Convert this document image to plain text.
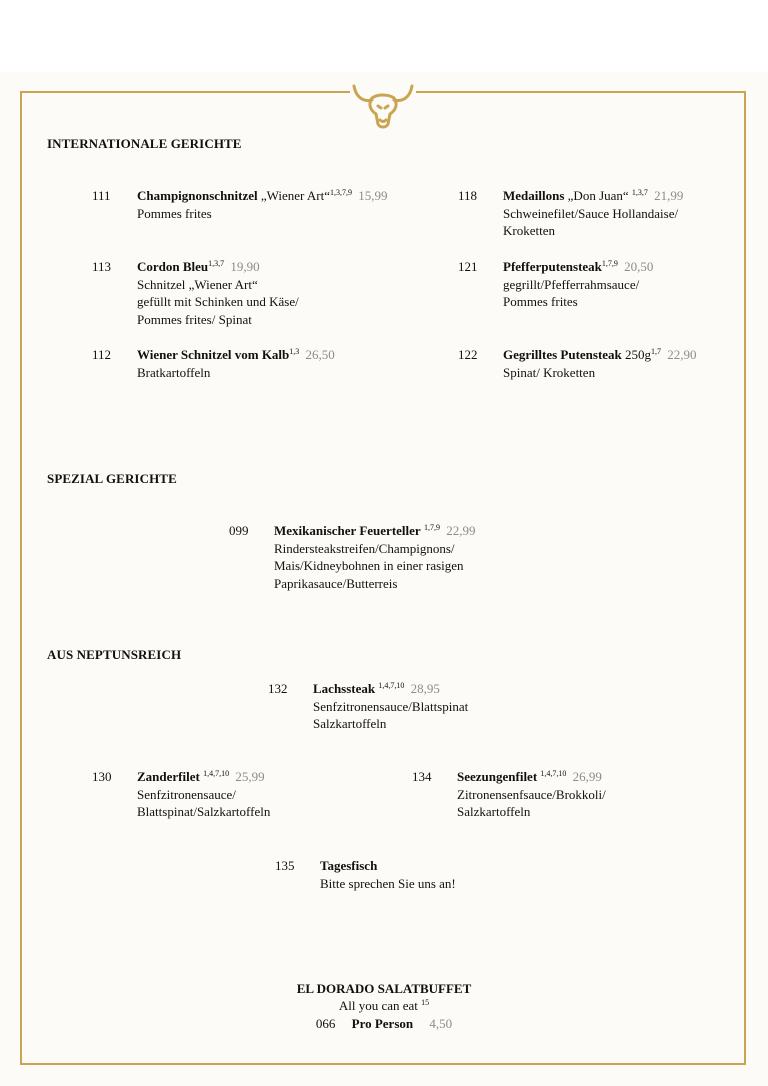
INTERNATIONALE GERICHTE
SPEZIAL GERICHTE
AUS NEPTUNSREICH
111 Champignonschnitzel „Wiener Art“$^{1,3,7,9}$ 15,99
Pommes frites
118 Medaillons „Don Juan“ $^{1,3,7}$ 21,99
Schweinefilet/Sauce Hollandaise/
Kroketten
113 Cordon Bleu$^{1,3,7}$ 19,90
Schnitzel „Wiener Art“
gefüllt mit Schinken und Käse/
Pommes frites/ Spinat
121 Pfefferputensteak$^{1,7,9}$ 20,50
gegrillt/Pfefferrahmsauce/
Pommes frites
112 Wiener Schnitzel vom Kalb$^{1,3}$ 26,50
Bratkartoffeln
122 Gegrilltes Putensteak $250g^{1,7}$ 22,90
Spinat/ Kroketten
099 Mexikanischer Feuerteller $^{1,7,9}$ 22,99
Rindersteakstreifen/Champignons/
Mais/Kidneybohnen in einer rasigen
Paprikasauce/Butterreis
132 Lachssteak $^{1,4,7,10}$ 28,95
Senfzitronensauce/Blattspinat
Salzkartoffeln
130 Zanderfilet $^{1,4,7,10}$ 25,99
Senfzitronensauce/
Blattspinat/Salzkartoffeln
134 Seezungenfilet $^{1,4,7,10}$ 26,99
Zitronensenfsauce/Brokkoli/
Salzkartoffeln
135 Tagesfisch
Bitte sprechen Sie uns an!
EL DORADO SALATBUFFET
All you can eat $^{15}$
066 Pro Person 4,50
